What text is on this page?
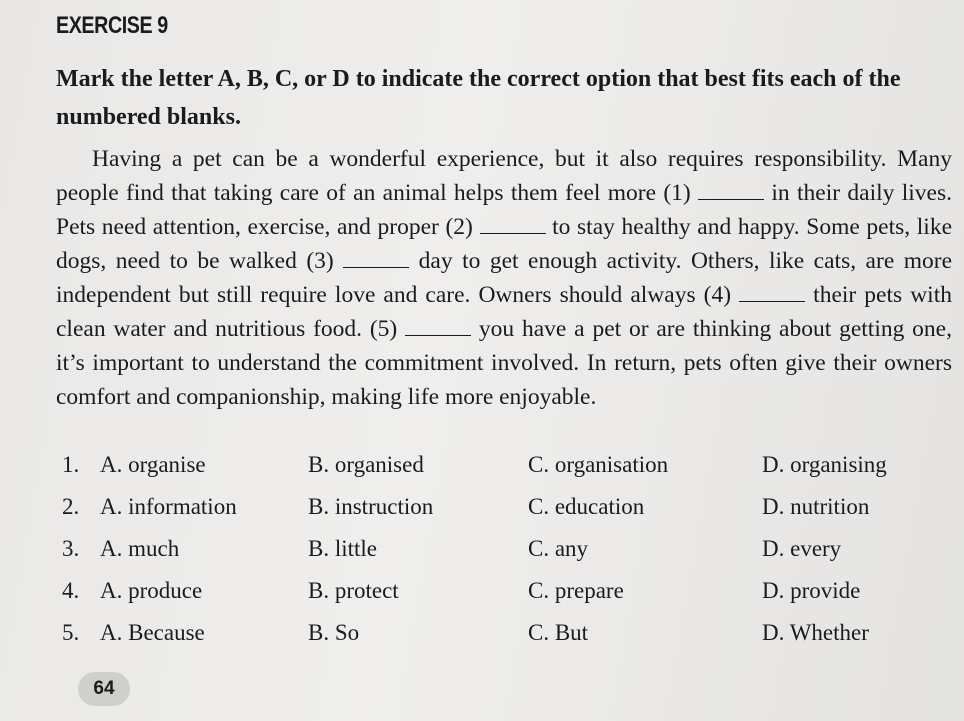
EXERCISE 9
Mark the letter A, B, C, or D to indicate the correct option that best fits each of the numbered blanks.

Having a pet can be a wonderful experience, but it also requires responsibility. Many people find that taking care of an animal helps them feel more (1)	in their daily lives. Pets need attention, exercise, and proper (2)	to stay healthy and happy. Some pets, like dogs, need to be walked (3)	day to get enough activity. Others, like cats, are more independent but still require love and care. Owners should always (4)	their pets with clean water and nutritious food. (5)	you have a pet or are thinking about getting one, it’s important to understand the commitment involved. In return, pets often give their owners comfort and companionship, making life more enjoyable.

1. A. organise	B. organised	C. organisation	D. organising
2. A. information	B. instruction	C. education	D. nutrition
3. A. much	B. little	C. any	D. every
4. A. produce	B. protect	C. prepare	D. provide
5. A. Because	B. So	C. But	D. Whether
64
